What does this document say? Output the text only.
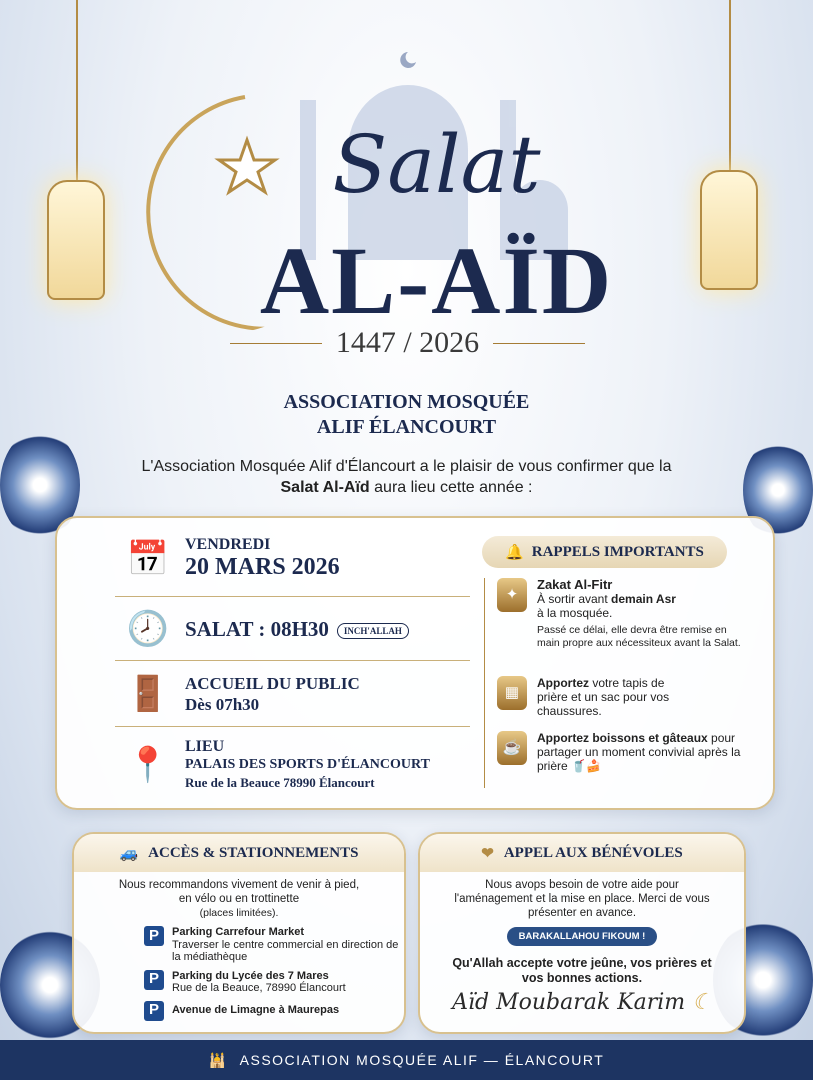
Salat
AL-AÏD
1447 / 2026
ASSOCIATION MOSQUÉE
ALIF ÉLANCOURT
L'Association Mosquée Alif d'Élancourt a le plaisir de vous confirmer que la
Salat Al-Aïd aura lieu cette année :
📅 VENDREDI
20 MARS 2026
🕗 SALAT : 08H30 INCH'ALLAH
🚪 ACCUEIL DU PUBLIC
Dès 07h30
📍 LIEU
PALAIS DES SPORTS D'ÉLANCOURT
Rue de la Beauce 78990 Élancourt
🔔 RAPPELS IMPORTANTS
✦
Zakat Al-Fitr
À sortir avant demain Asr
à la mosquée.
Passé ce délai, elle devra être remise en main propre aux nécessiteux avant la Salat.
▦
Apportez votre tapis de prière et un sac pour vos chaussures.
☕
Apportez boissons et gâteaux pour partager un moment convivial après la prière 🥤🍰
🚙 ACCÈS & STATIONNEMENTS
Nous recommandons vivement de venir à pied, en vélo ou en trottinette
(places limitées).
P	Parking Carrefour Market
Traverser le centre commercial en direction de la médiathèque
P	Parking du Lycée des 7 Mares
Rue de la Beauce, 78990 Élancourt
P	Avenue de Limagne à Maurepas
❤ APPEL AUX BÉNÉVOLES
Nous avops besoin de votre aide pour l'aménagement et la mise en place. Merci de vous présenter en avance.
BARAKALLAHOU FIKOUM !
Qu'Allah accepte votre jeûne, vos prières et vos bonnes actions.
Aïd Moubarak Karim ☾
🕌 ASSOCIATION MOSQUÉE ALIF — ÉLANCOURT
